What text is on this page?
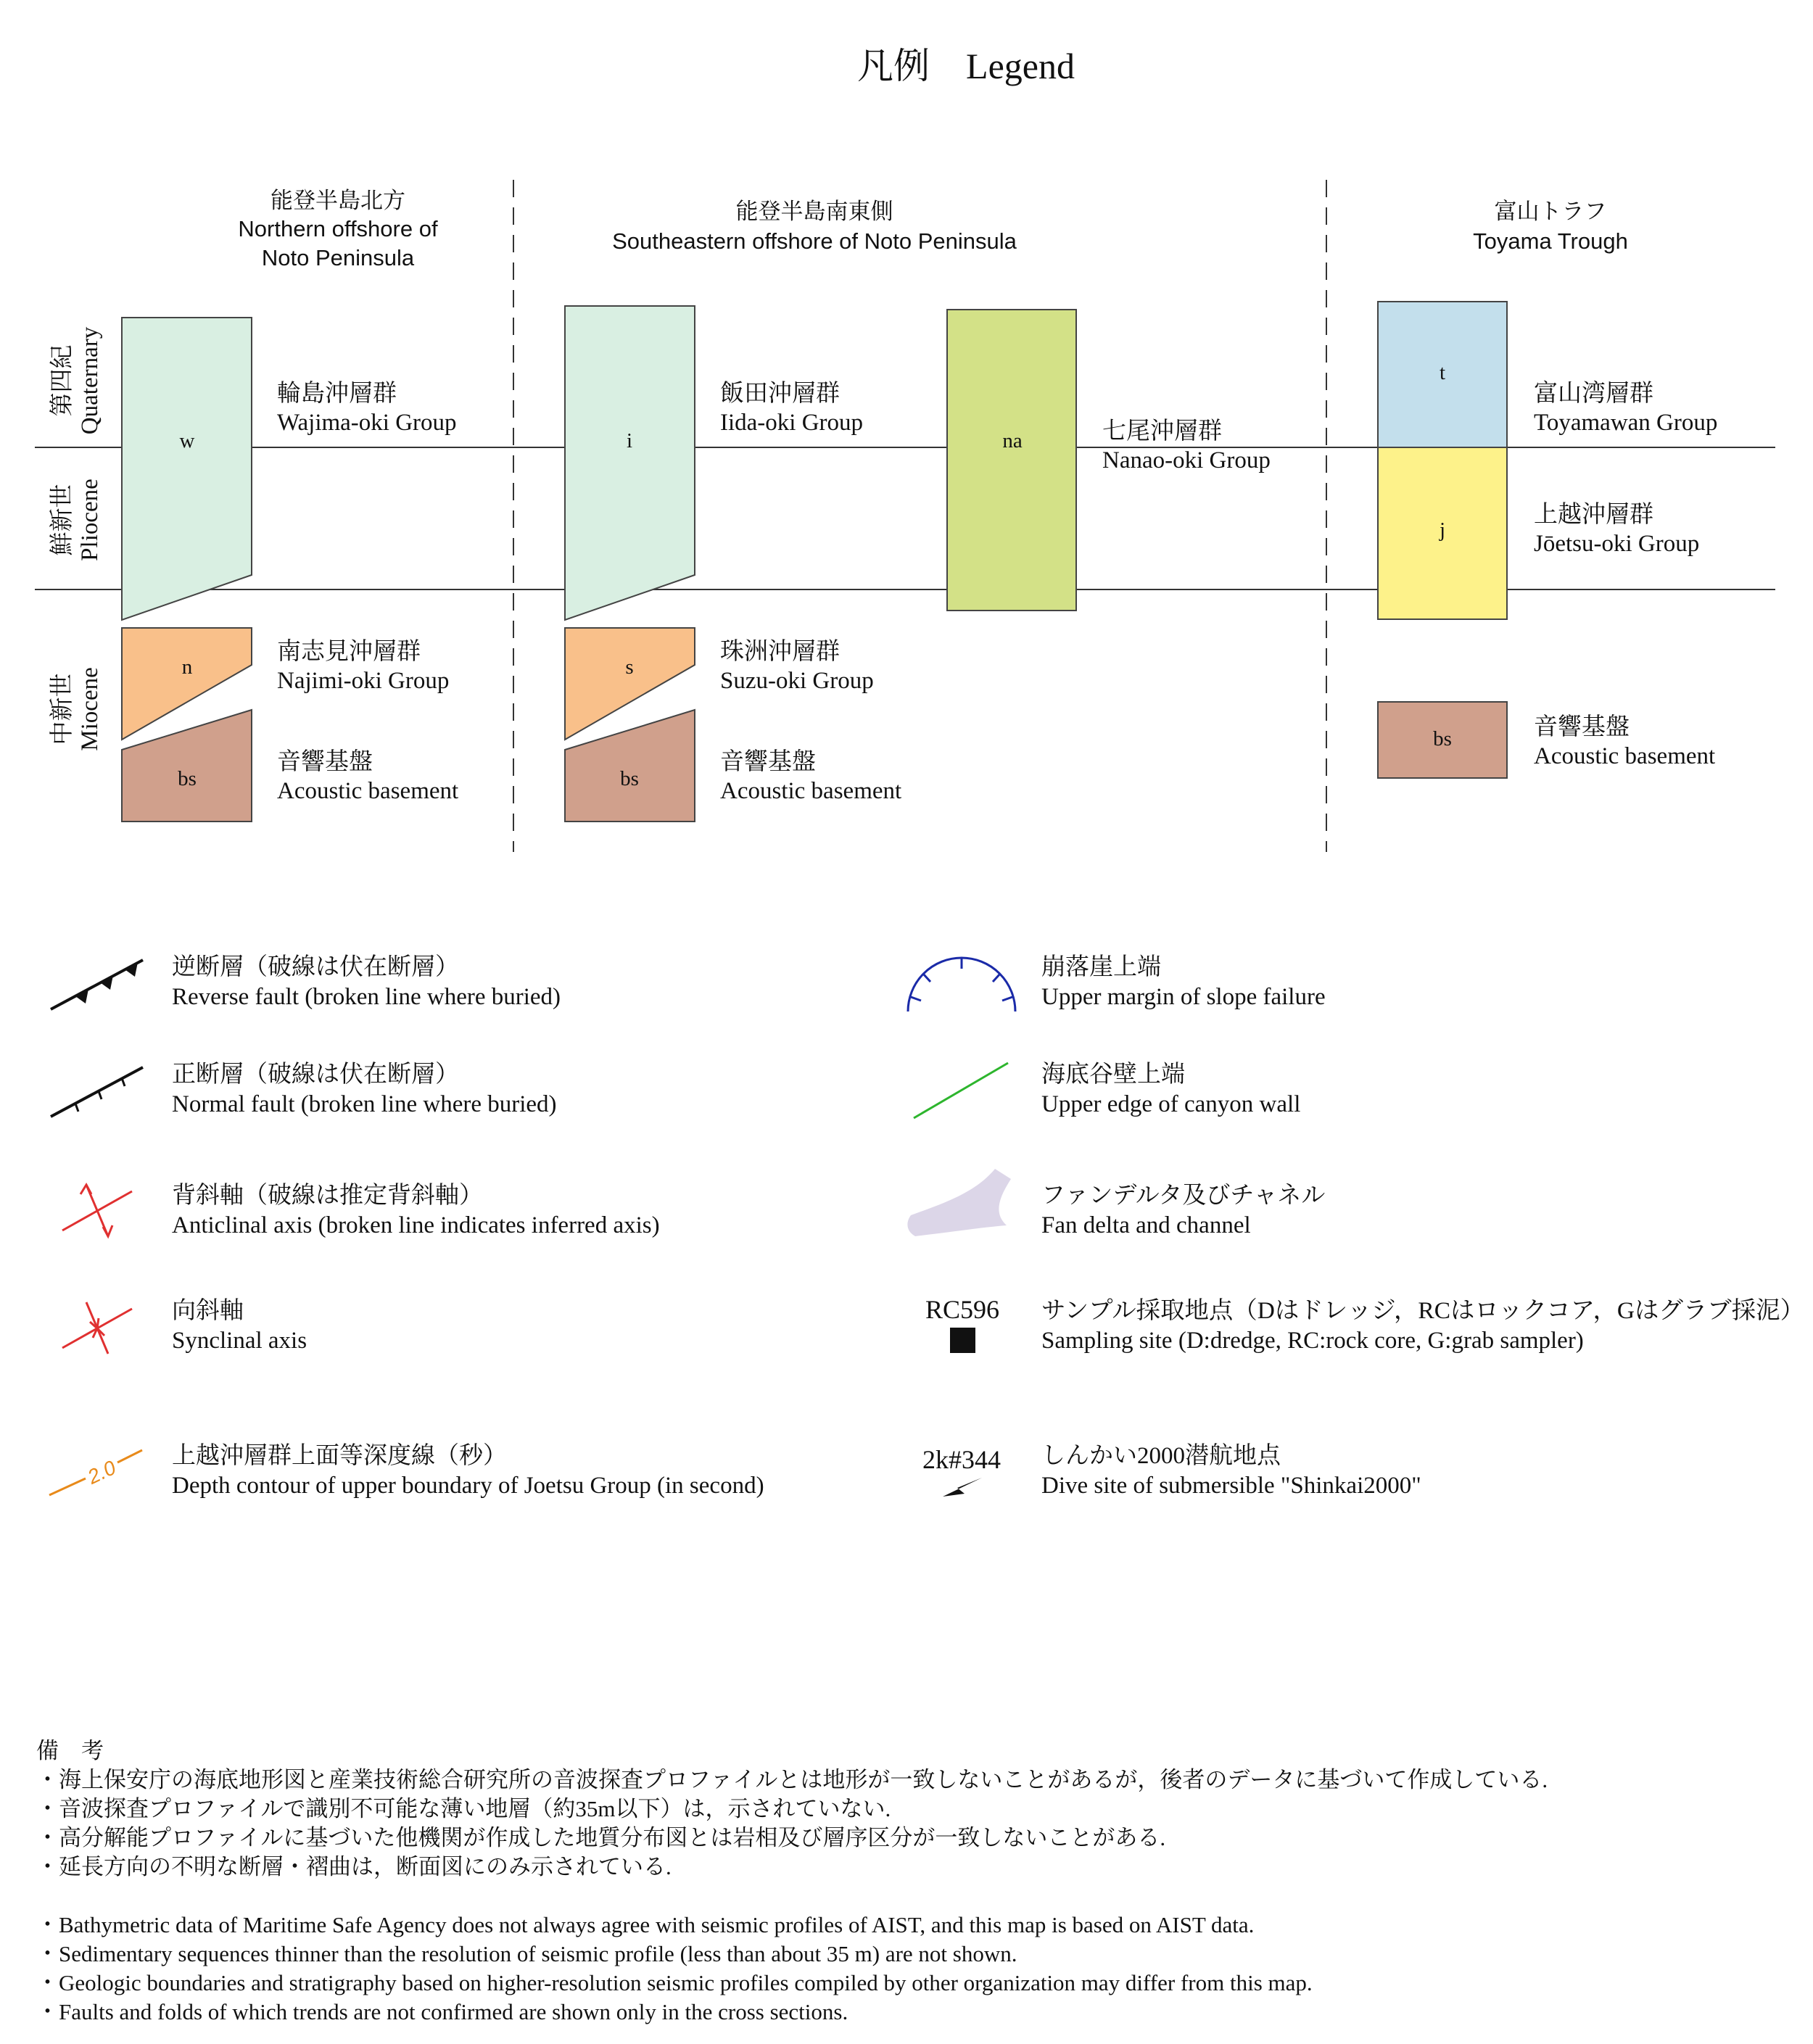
凡例　Legend
能登半島北方
Northern offshore of
Noto Peninsula
能登半島南東側
Southeastern offshore of Noto Peninsula
富山トラフ
Toyama Trough
第四紀 Quaternary
鮮新世 Pliocene
中新世 Miocene
w
n
bs
i
s
bs
na
t
j
bs
輪島沖層群
Wajima-oki Group
南志見沖層群
Najimi-oki Group
音響基盤
Acoustic basement
飯田沖層群
Iida-oki Group
珠洲沖層群
Suzu-oki Group
音響基盤
Acoustic basement
七尾沖層群
Nanao-oki Group
富山湾層群
Toyamawan Group
上越沖層群
Jōetsu-oki Group
音響基盤
Acoustic basement
2.0
RC596
2k#344
逆断層（破線は伏在断層）
Reverse fault (broken line where buried)
正断層（破線は伏在断層）
Normal fault (broken line where buried)
背斜軸（破線は推定背斜軸）
Anticlinal axis (broken line indicates inferred axis)
向斜軸
Synclinal axis
上越沖層群上面等深度線（秒）
Depth contour of upper boundary of Joetsu Group (in second)
崩落崖上端
Upper margin of slope failure
海底谷壁上端
Upper edge of canyon wall
ファンデルタ及びチャネル
Fan delta and channel
サンプル採取地点（Dはドレッジ，RCはロックコア，Gはグラブ採泥）
Sampling site (D:dredge, RC:rock core, G:grab sampler)
しんかい2000潜航地点
Dive site of submersible "Shinkai2000"
備　考
・海上保安庁の海底地形図と産業技術総合研究所の音波探査プロファイルとは地形が一致しないことがあるが，後者のデータに基づいて作成している.
・音波探査プロファイルで識別不可能な薄い地層（約35m以下）は，示されていない.
・高分解能プロファイルに基づいた他機関が作成した地質分布図とは岩相及び層序区分が一致しないことがある.
・延長方向の不明な断層・褶曲は，断面図にのみ示されている.
・Bathymetric data of Maritime Safe Agency does not always agree with seismic profiles of AIST, and this map is based on AIST data.
・Sedimentary sequences thinner than the resolution of seismic profile (less than about 35 m) are not shown.
・Geologic boundaries and stratigraphy based on higher-resolution seismic profiles compiled by other organization may differ from this map.
・Faults and folds of which trends are not confirmed are shown only in the cross sections.
